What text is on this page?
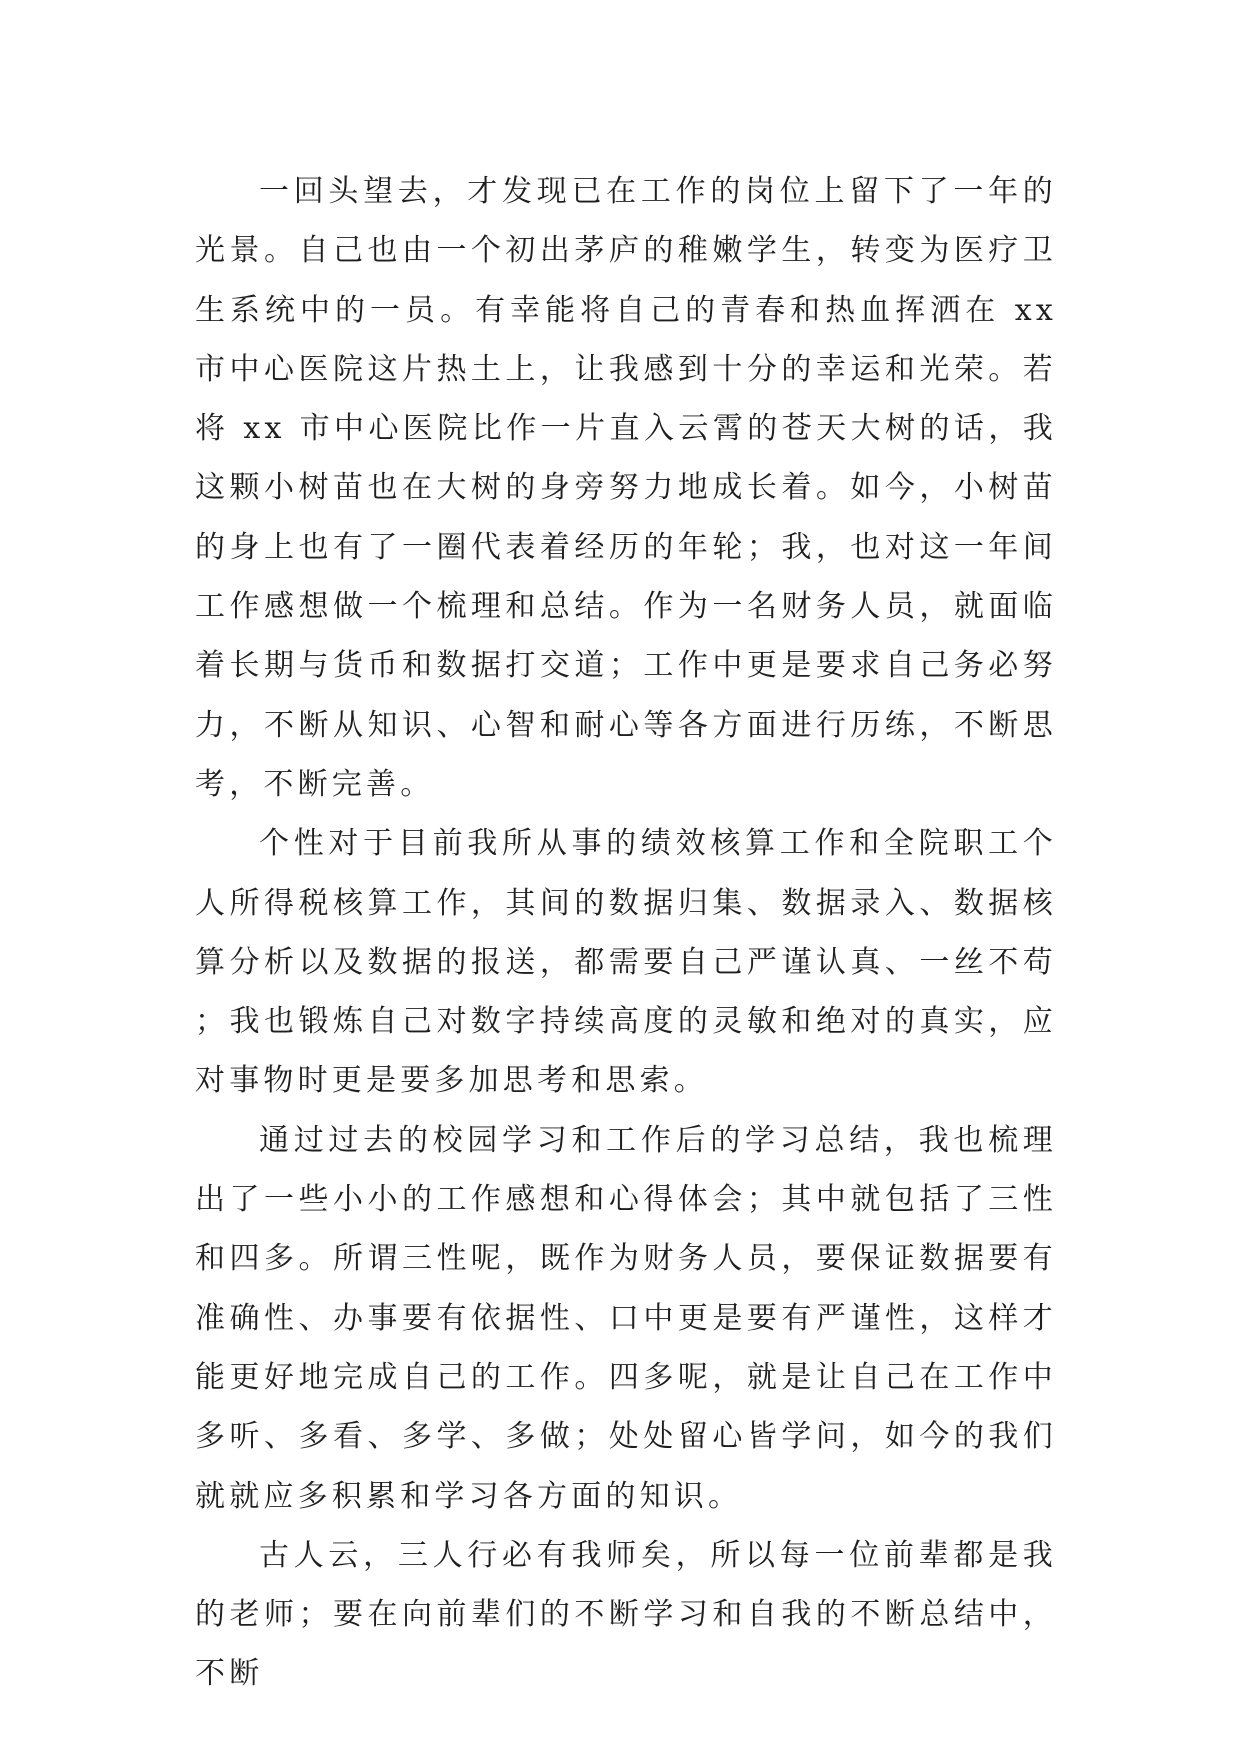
一回头望去，才发现已在工作的岗位上留下了一年的光景。自己也由一个初出茅庐的稚嫩学生，转变为医疗卫生系统中的一员。有幸能将自己的青春和热血挥洒在 xx 市中心医院这片热土上，让我感到十分的幸运和光荣。若将 xx 市中心医院比作一片直入云霄的苍天大树的话，我这颗小树苗也在大树的身旁努力地成长着。如今，小树苗的身上也有了一圈代表着经历的年轮；我，也对这一年间工作感想做一个梳理和总结。作为一名财务人员，就面临着长期与货币和数据打交道；工作中更是要求自己务必努力，不断从知识、心智和耐心等各方面进行历练，不断思考，不断完善。

个性对于目前我所从事的绩效核算工作和全院职工个人所得税核算工作，其间的数据归集、数据录入、数据核算分析以及数据的报送，都需要自己严谨认真、一丝不苟；我也锻炼自己对数字持续高度的灵敏和绝对的真实，应对事物时更是要多加思考和思索。

通过过去的校园学习和工作后的学习总结，我也梳理出了一些小小的工作感想和心得体会；其中就包括了三性和四多。所谓三性呢，既作为财务人员，要保证数据要有准确性、办事要有依据性、口中更是要有严谨性，这样才能更好地完成自己的工作。四多呢，就是让自己在工作中多听、多看、多学、多做；处处留心皆学问，如今的我们就就应多积累和学习各方面的知识。

古人云，三人行必有我师矣，所以每一位前辈都是我的老师；要在向前辈们的不断学习和自我的不断总结中，不断
